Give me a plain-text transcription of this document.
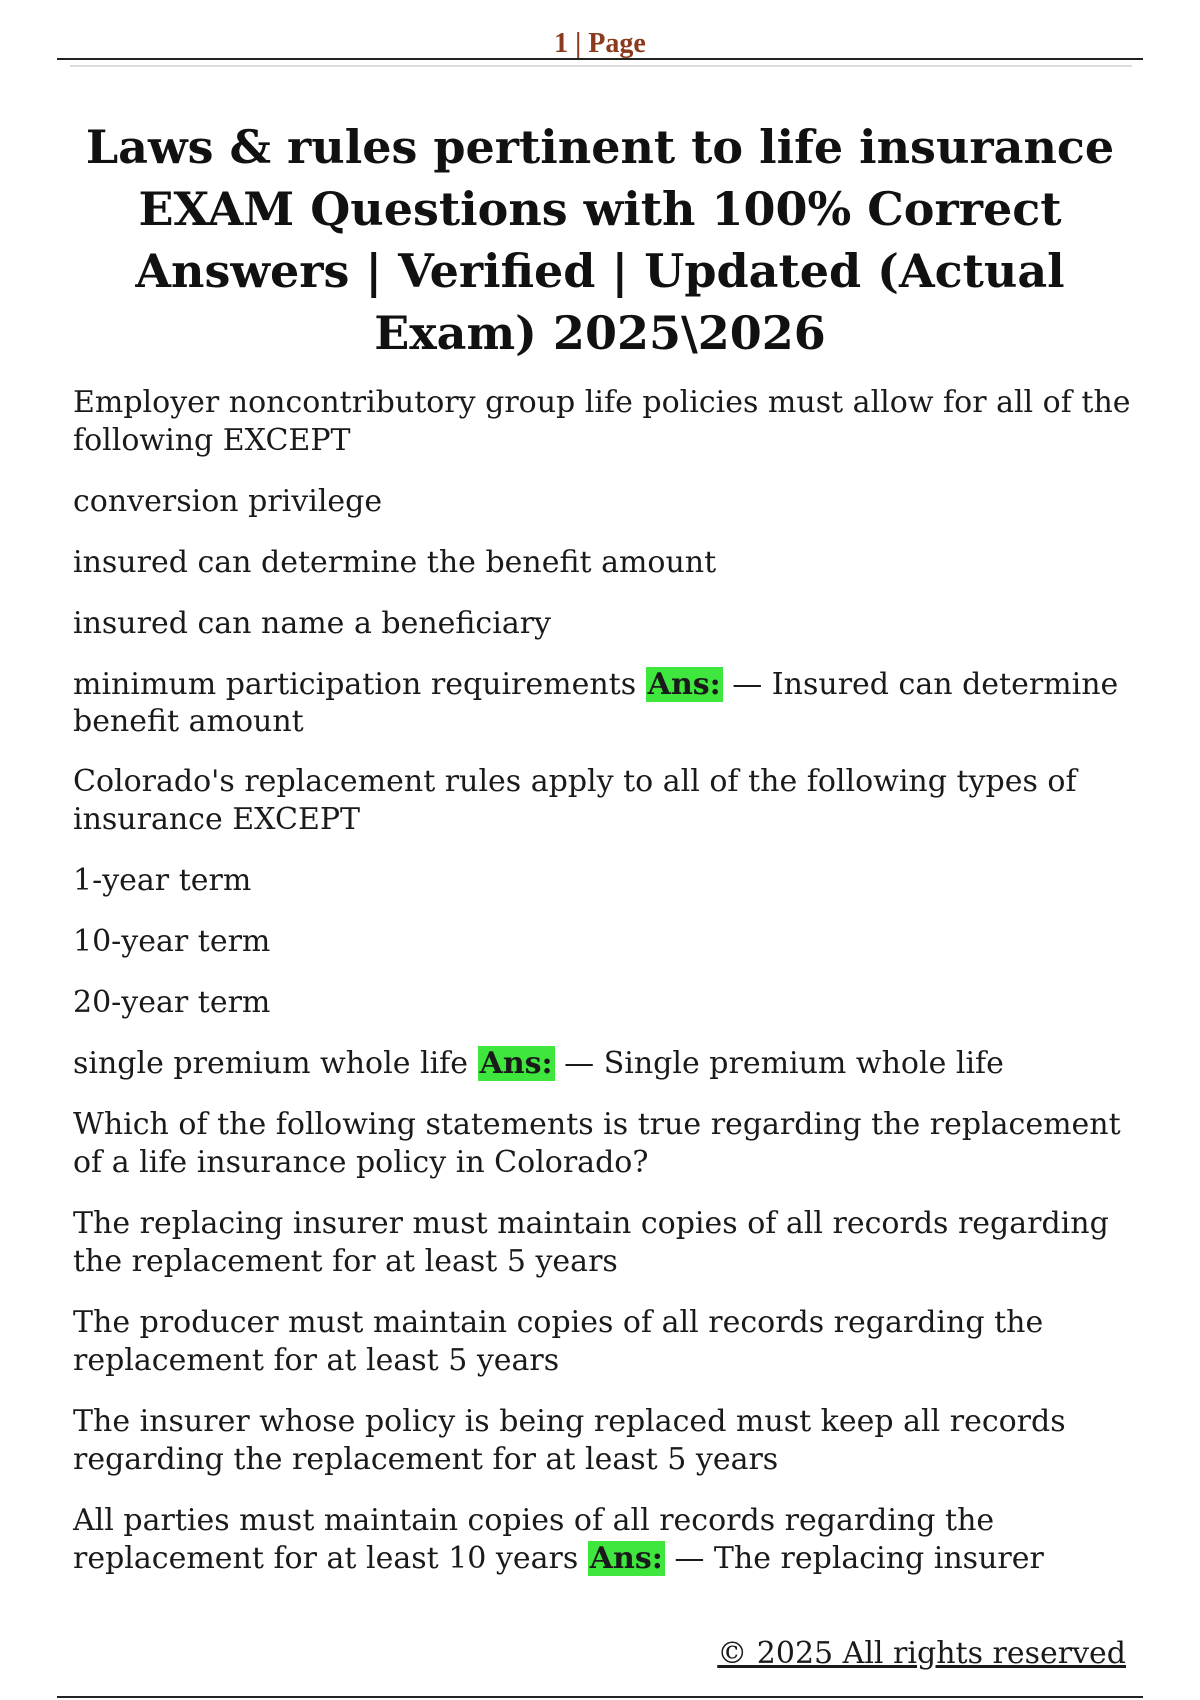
1 | Page
Laws & rules pertinent to life insurance EXAM Questions with 100% Correct Answers | Verified | Updated (Actual Exam) 2025\2026

Employer noncontributory group life policies must allow for all of the following EXCEPT

conversion privilege

insured can determine the benefit amount

insured can name a beneficiary

minimum participation requirements Ans: — Insured can determine benefit amount

Colorado's replacement rules apply to all of the following types of insurance EXCEPT

1-year term

10-year term

20-year term

single premium whole life Ans: — Single premium whole life

Which of the following statements is true regarding the replacement of a life insurance policy in Colorado?

The replacing insurer must maintain copies of all records regarding the replacement for at least 5 years

The producer must maintain copies of all records regarding the replacement for at least 5 years

The insurer whose policy is being replaced must keep all records regarding the replacement for at least 5 years

All parties must maintain copies of all records regarding the replacement for at least 10 years Ans: — The replacing insurer

© 2025 All rights reserved
